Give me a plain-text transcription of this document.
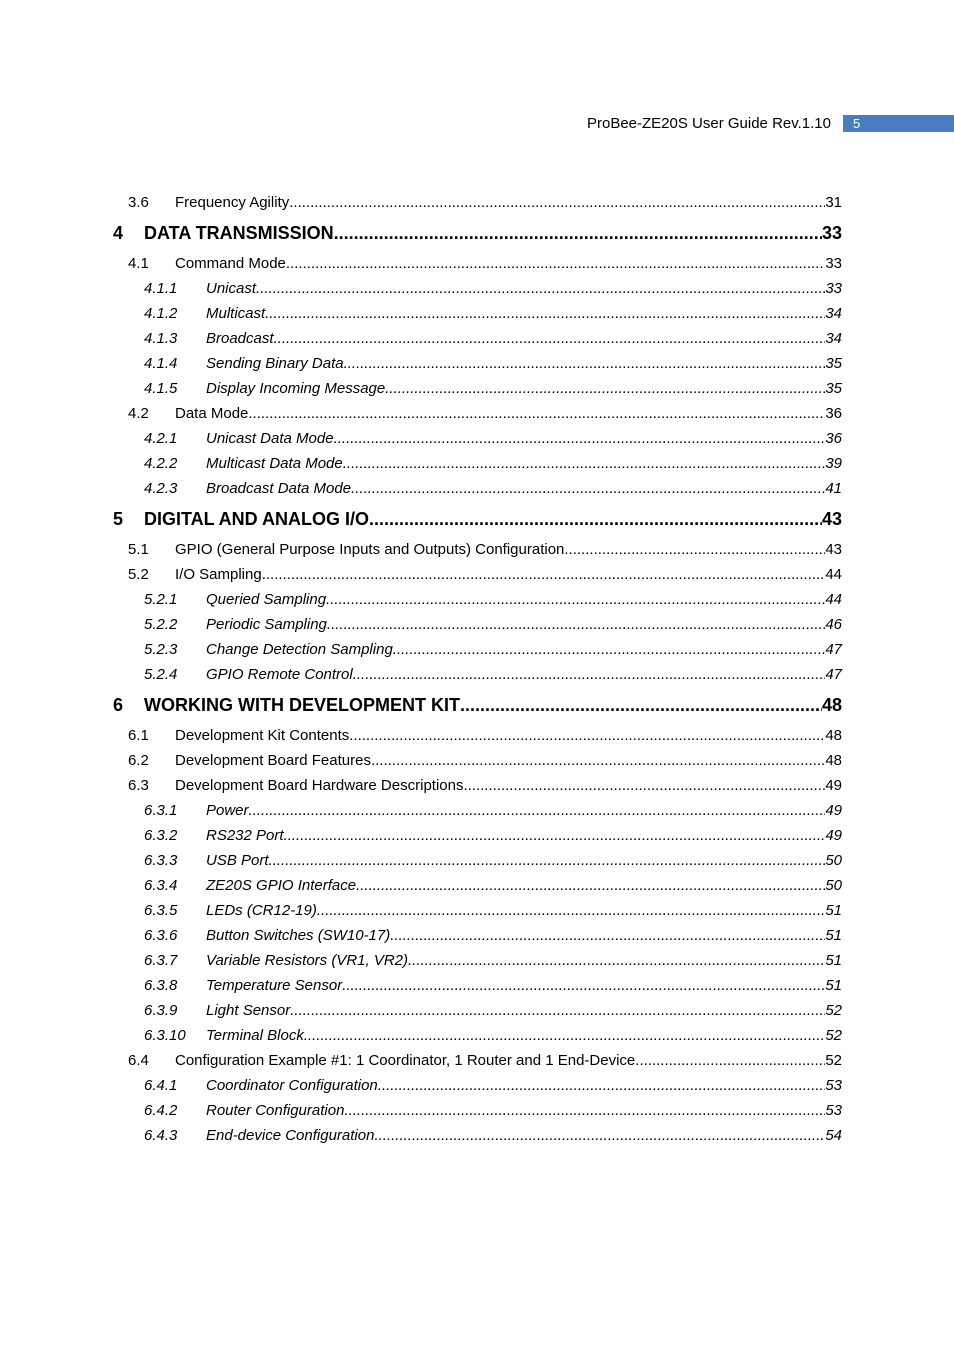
ProBee-ZE20S User Guide Rev.1.10	5
3.6	Frequency Agility .....	31
4	DATA TRANSMISSION .....	33
4.1	Command Mode .....	33
4.1.1	Unicast .....	33
4.1.2	Multicast .....	34
4.1.3	Broadcast .....	34
4.1.4	Sending Binary Data .....	35
4.1.5	Display Incoming Message .....	35
4.2	Data Mode .....	36
4.2.1	Unicast Data Mode .....	36
4.2.2	Multicast Data Mode .....	39
4.2.3	Broadcast Data Mode .....	41
5	DIGITAL AND ANALOG I/O .....	43
5.1	GPIO (General Purpose Inputs and Outputs) Configuration .....	43
5.2	I/O Sampling .....	44
5.2.1	Queried Sampling .....	44
5.2.2	Periodic Sampling .....	46
5.2.3	Change Detection Sampling .....	47
5.2.4	GPIO Remote Control .....	47
6	WORKING WITH DEVELOPMENT KIT .....	48
6.1	Development Kit Contents .....	48
6.2	Development Board Features .....	48
6.3	Development Board Hardware Descriptions .....	49
6.3.1	Power .....	49
6.3.2	RS232 Port .....	49
6.3.3	USB Port .....	50
6.3.4	ZE20S GPIO Interface .....	50
6.3.5	LEDs (CR12-19) .....	51
6.3.6	Button Switches (SW10-17) .....	51
6.3.7	Variable Resistors (VR1, VR2) .....	51
6.3.8	Temperature Sensor .....	51
6.3.9	Light Sensor .....	52
6.3.10	Terminal Block .....	52
6.4	Configuration Example #1: 1 Coordinator, 1 Router and 1 End-Device .....	52
6.4.1	Coordinator Configuration .....	53
6.4.2	Router Configuration .....	53
6.4.3	End-device Configuration .....	54
